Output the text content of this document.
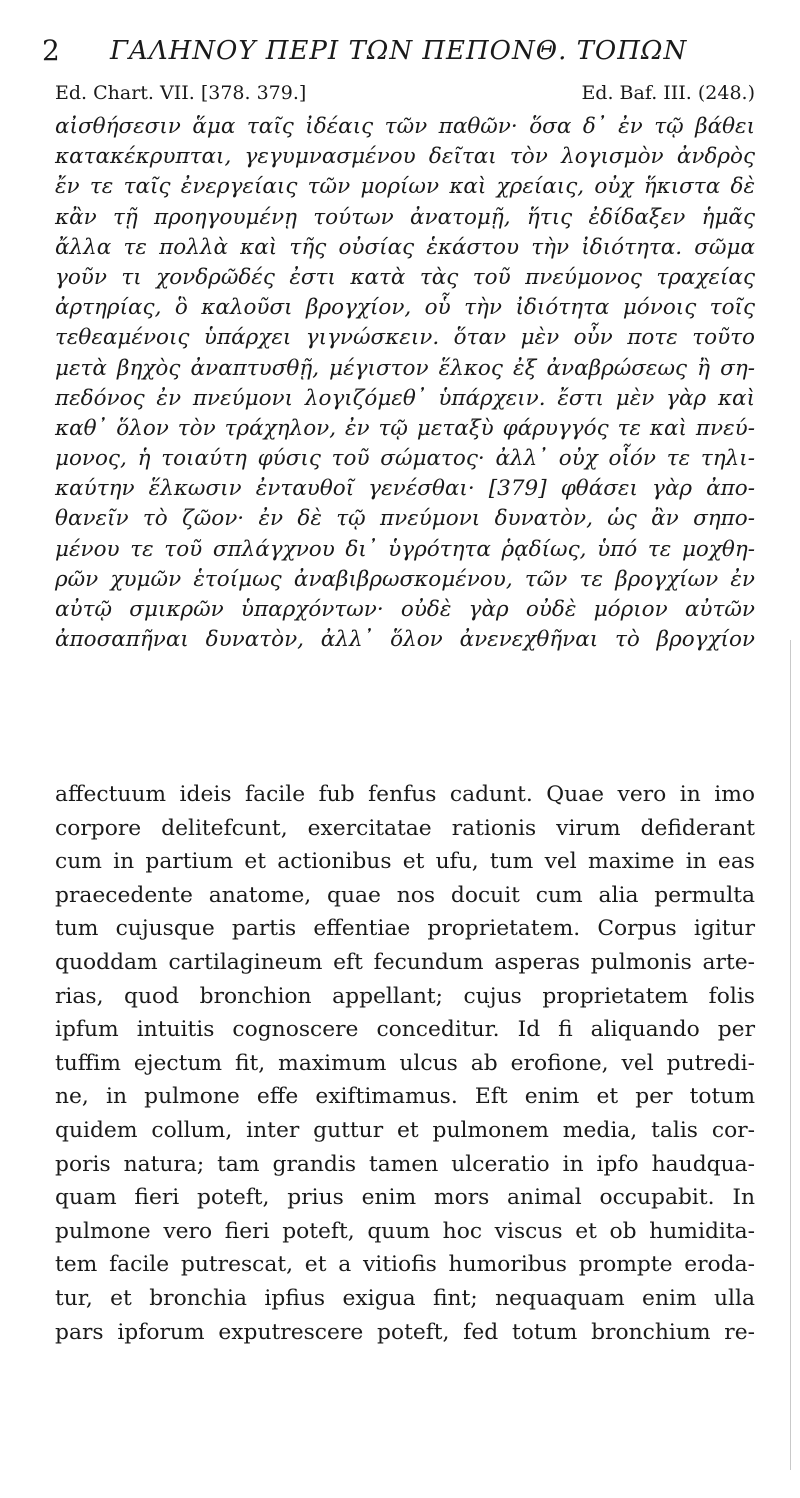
2 ΓΑΛΗΝΟΥ ΠΕΡΙ ΤΩΝ ΠΕΠΟΝΘ. ΤΟΠΩΝ

Ed. Chart. VII. [378. 379.]	Ed. Baf. III. (248.)
αἰσθήσεσιν ἅμα ταῖς ἰδέαις τῶν παθῶν· ὅσα δ᾽ ἐν τῷ βάθει
κατακέκρυπται, γεγυμνασμένου δεῖται τὸν λογισμὸν ἀνδρὸς
ἔν τε ταῖς ἐνεργείαις τῶν μορίων καὶ χρείαις, οὐχ ἥκιστα δὲ
κἂν τῇ προηγουμένῃ τούτων ἀνατομῇ, ἥτις ἐδίδαξεν ἡμᾶς
ἄλλα τε πολλὰ καὶ τῆς οὐσίας ἑκάστου τὴν ἰδιότητα. σῶμα
γοῦν τι χονδρῶδές ἐστι κατὰ τὰς τοῦ πνεύμονος τραχείας
ἀρτηρίας, ὃ καλοῦσι βρογχίον, οὗ τὴν ἰδιότητα μόνοις τοῖς
τεθεαμένοις ὑπάρχει γιγνώσκειν. ὅταν μὲν οὖν ποτε τοῦτο
μετὰ βηχὸς ἀναπτυσθῇ, μέγιστον ἕλκος ἐξ ἀναβρώσεως ἢ ση-
πεδόνος ἐν πνεύμονι λογιζόμεθ᾽ ὑπάρχειν. ἔστι μὲν γὰρ καὶ
καθ᾽ ὅλον τὸν τράχηλον, ἐν τῷ μεταξὺ φάρυγγός τε καὶ πνεύ-
μονος, ἡ τοιαύτη φύσις τοῦ σώματος· ἀλλ᾽ οὐχ οἷόν τε τηλι-
καύτην ἕλκωσιν ἐνταυθοῖ γενέσθαι· [379] φθάσει γὰρ ἀπο-
θανεῖν τὸ ζῶον· ἐν δὲ τῷ πνεύμονι δυνατὸν, ὡς ἂν σηπο-
μένου τε τοῦ σπλάγχνου δι᾽ ὑγρότητα ῥᾳδίως, ὑπό τε μοχθη-
ρῶν χυμῶν ἑτοίμως ἀναβιβρωσκομένου, τῶν τε βρογχίων ἐν
αὐτῷ σμικρῶν ὑπαρχόντων· οὐδὲ γὰρ οὐδὲ μόριον αὐτῶν
ἀποσαπῆναι δυνατὸν, ἀλλ᾽ ὅλον ἀνενεχθῆναι τὸ βρογχίον
affectuum ideis facile fub fenfus cadunt. Quae vero in imo
corpore delitefcunt, exercitatae rationis virum defiderant
cum in partium et actionibus et ufu, tum vel maxime in eas
praecedente anatome, quae nos docuit cum alia permulta
tum cujusque partis effentiae proprietatem. Corpus igitur
quoddam cartilagineum eft fecundum asperas pulmonis arte-
rias, quod bronchion appellant; cujus proprietatem folis
ipfum intuitis cognoscere conceditur. Id fi aliquando per
tuffim ejectum fit, maximum ulcus ab erofione, vel putredi-
ne, in pulmone effe exiftimamus. Eft enim et per totum
quidem collum, inter guttur et pulmonem media, talis cor-
poris natura; tam grandis tamen ulceratio in ipfo haudqua-
quam fieri poteft, prius enim mors animal occupabit. In
pulmone vero fieri poteft, quum hoc viscus et ob humidita-
tem facile putrescat, et a vitiofis humoribus prompte eroda-
tur, et bronchia ipfius exigua fint; nequaquam enim ulla
pars ipforum exputrescere poteft, fed totum bronchium re-
